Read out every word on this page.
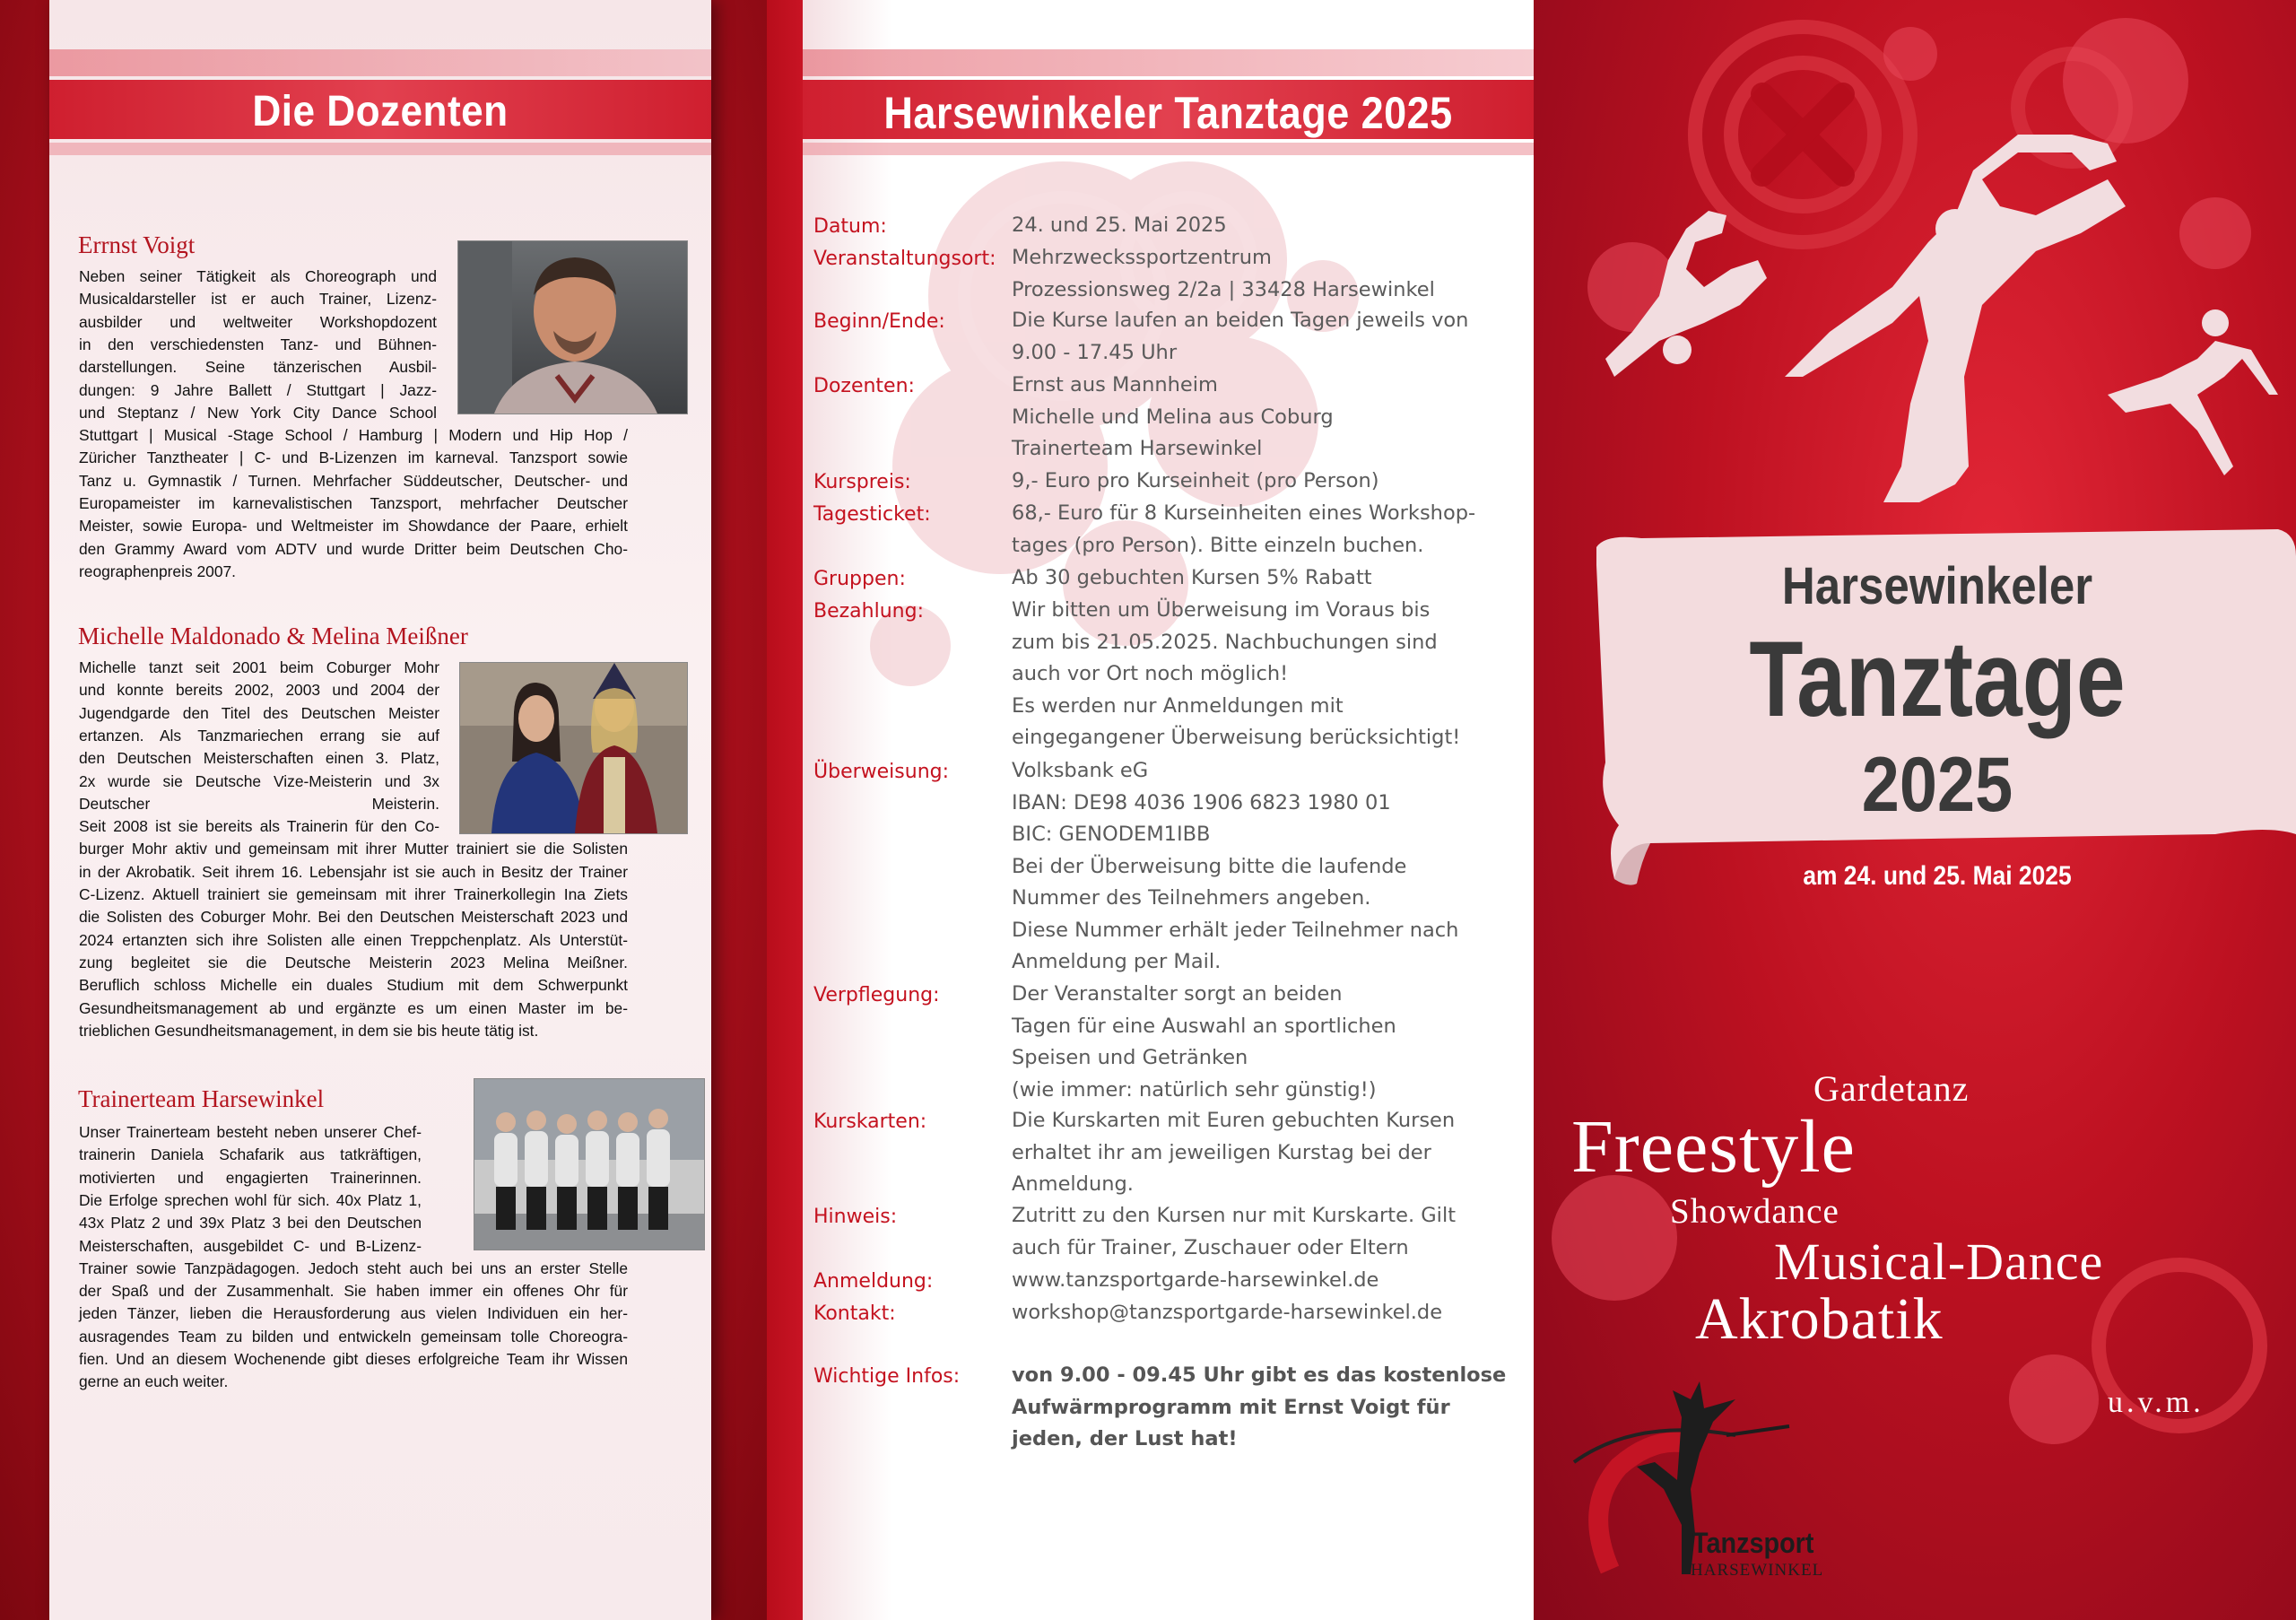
Die Dozenten
Errnst Voigt
Neben seiner Tätigkeit als Choreograph und
Musicaldarsteller ist er auch Trainer, Lizenz-
ausbilder und weltweiter Workshopdozent
in den verschiedensten Tanz- und Bühnen-
darstellungen. Seine tänzerischen Ausbil-
dungen: 9 Jahre Ballett / Stuttgart | Jazz-
und Steptanz / New York City Dance School
Stuttgart | Musical -Stage School / Hamburg | Modern und Hip Hop /
Züricher Tanztheater | C- und B-Lizenzen im karneval. Tanzsport sowie
Tanz u. Gymnastik / Turnen. Mehrfacher Süddeutscher, Deutscher- und
Europameister im karnevalistischen Tanzsport, mehrfacher Deutscher
Meister, sowie Europa- und Weltmeister im Showdance der Paare, erhielt
den Grammy Award vom ADTV und wurde Dritter beim Deutschen Cho-
reographenpreis 2007.
Michelle Maldonado & Melina Meißner
Michelle tanzt seit 2001 beim Coburger Mohr
und konnte bereits 2002, 2003 und 2004 der
Jugendgarde den Titel des Deutschen Meister
ertanzen. Als Tanzmariechen errang sie auf
den Deutschen Meisterschaften einen 3. Platz,
2x wurde sie Deutsche Vize-Meisterin und 3x
Deutscher Meisterin.
Seit 2008 ist sie bereits als Trainerin für den Co-
burger Mohr aktiv und gemeinsam mit ihrer Mutter trainiert sie die Solisten
in der Akrobatik. Seit ihrem 16. Lebensjahr ist sie auch in Besitz der Trainer
C-Lizenz. Aktuell trainiert sie gemeinsam mit ihrer Trainerkollegin Ina Ziets
die Solisten des Coburger Mohr. Bei den Deutschen Meisterschaft 2023 und
2024 ertanzten sich ihre Solisten alle einen Treppchenplatz. Als Unterstüt-
zung begleitet sie die Deutsche Meisterin 2023 Melina Meißner.
Beruflich schloss Michelle ein duales Studium mit dem Schwerpunkt
Gesundheitsmanagement ab und ergänzte es um einen Master im be-
trieblichen Gesundheitsmanagement, in dem sie bis heute tätig ist.
Trainerteam Harsewinkel
Unser Trainerteam besteht neben unserer Chef-
trainerin Daniela Schafarik aus tatkräftigen,
motivierten und engagierten Trainerinnen.
Die Erfolge sprechen wohl für sich. 40x Platz 1,
43x Platz 2 und 39x Platz 3 bei den Deutschen
Meisterschaften, ausgebildet C- und B-Lizenz-
Trainer sowie Tanzpädagogen. Jedoch steht auch bei uns an erster Stelle
der Spaß und der Zusammenhalt. Sie haben immer ein offenes Ohr für
jeden Tänzer, lieben die Herausforderung aus vielen Individuen ein her-
ausragendes Team zu bilden und entwickeln gemeinsam tolle Choreogra-
fien. Und an diesem Wochenende gibt dieses erfolgreiche Team ihr Wissen
gerne an euch weiter.
Harsewinkeler Tanztage 2025
Datum:	24. und 25. Mai 2025
Veranstaltungsort: Mehrzweckssportzentrum
Prozessionsweg 2/2a | 33428 Harsewinkel
Beginn/Ende:	Die Kurse laufen an beiden Tagen jeweils von
9.00 - 17.45 Uhr
Dozenten:	Ernst aus Mannheim
Michelle und Melina aus Coburg
Trainerteam Harsewinkel
Kurspreis:	9,- Euro pro Kurseinheit (pro Person)
Tagesticket:	68,- Euro für 8 Kurseinheiten eines Workshop-
tages (pro Person). Bitte einzeln buchen.
Gruppen:	Ab 30 gebuchten Kursen 5% Rabatt
Bezahlung:	Wir bitten um Überweisung im Voraus bis
zum bis 21.05.2025. Nachbuchungen sind
auch vor Ort noch möglich!
Es werden nur Anmeldungen mit
eingegangener Überweisung berücksichtigt!
Überweisung:	Volksbank eG
IBAN: DE98 4036 1906 6823 1980 01
BIC: GENODEM1IBB
Bei der Überweisung bitte die laufende
Nummer des Teilnehmers angeben.
Diese Nummer erhält jeder Teilnehmer nach
Anmeldung per Mail.
Verpflegung:	Der Veranstalter sorgt an beiden
Tagen für eine Auswahl an sportlichen
Speisen und Getränken
(wie immer: natürlich sehr günstig!)
Kurskarten:	Die Kurskarten mit Euren gebuchten Kursen
erhaltet ihr am jeweiligen Kurstag bei der
Anmeldung.
Hinweis:	Zutritt zu den Kursen nur mit Kurskarte. Gilt
auch für Trainer, Zuschauer oder Eltern
Anmeldung:	www.tanzsportgarde-harsewinkel.de
Kontakt:	workshop@tanzsportgarde-harsewinkel.de
Wichtige Infos:	von 9.00 - 09.45 Uhr gibt es das kostenlose
Aufwärmprogramm mit Ernst Voigt für
jeden, der Lust hat!
Harsewinkeler
Tanztage
2025
am 24. und 25. Mai 2025
Gardetanz
Freestyle
Showdance
Musical-Dance
Akrobatik
u.v.m.
Tanzsport
HARSEWINKEL
